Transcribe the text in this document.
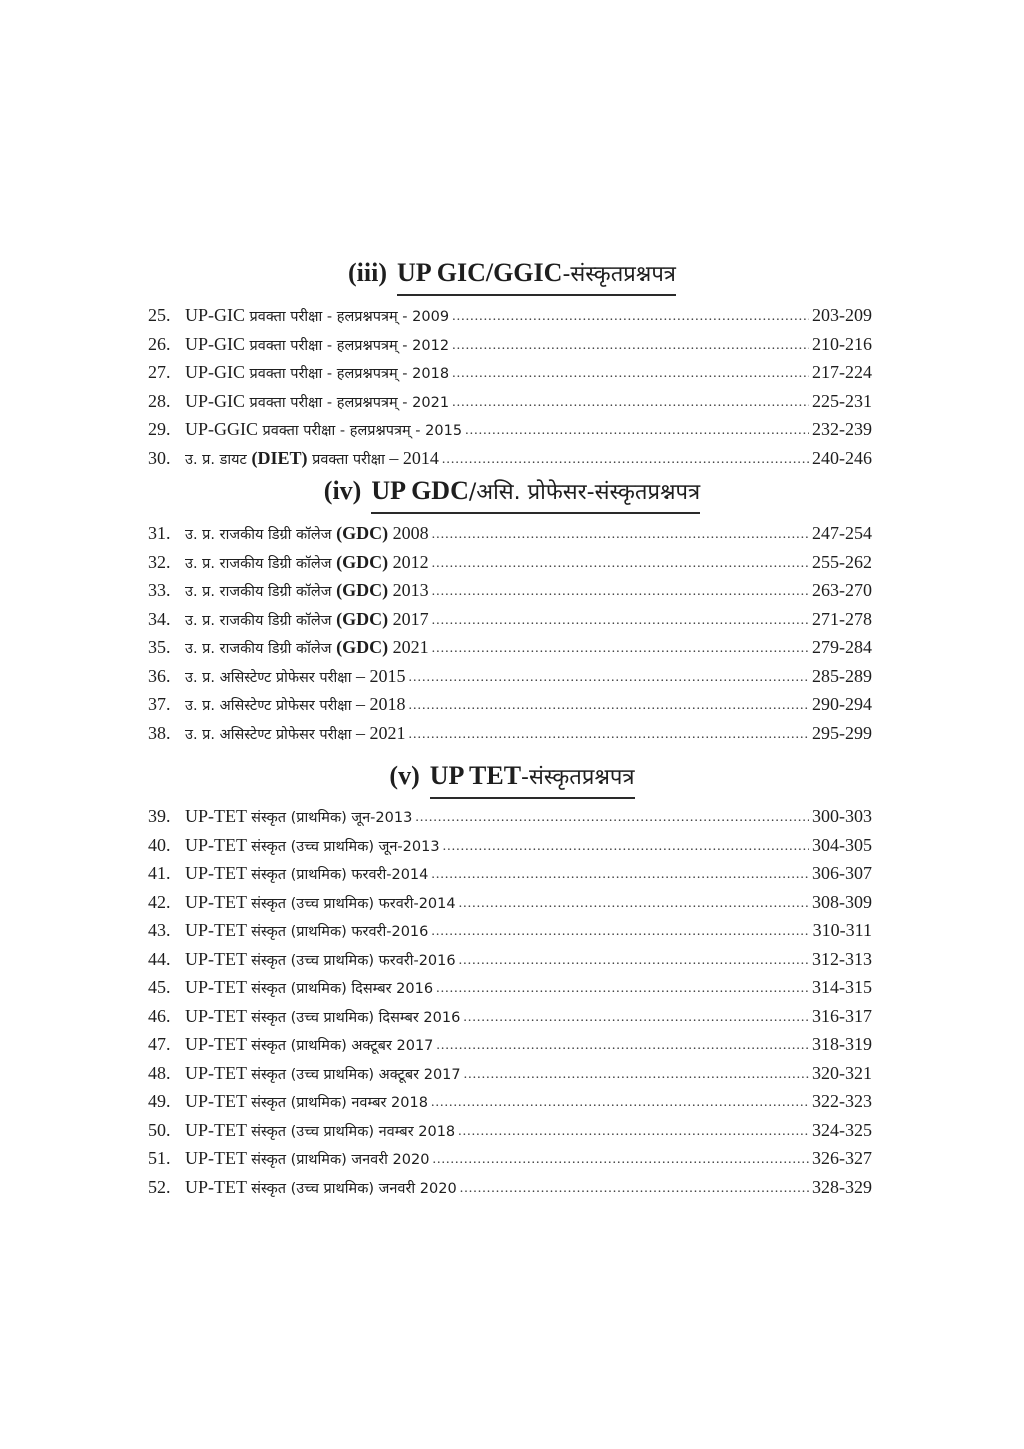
(iii) UP GIC/GGIC-संस्कृतप्रश्नपत्र
(iv) UP GDC/असि. प्रोफेसर-संस्कृतप्रश्नपत्र
(v) UP TET-संस्कृतप्रश्नपत्र
25. UP-GIC प्रवक्ता परीक्षा - हलप्रश्नपत्रम् - 2009 .....	203-209
26. UP-GIC प्रवक्ता परीक्षा - हलप्रश्नपत्रम् - 2012 .....	210-216
27. UP-GIC प्रवक्ता परीक्षा - हलप्रश्नपत्रम् - 2018 .....	217-224
28. UP-GIC प्रवक्ता परीक्षा - हलप्रश्नपत्रम् - 2021 .....	225-231
29. UP-GGIC प्रवक्ता परीक्षा - हलप्रश्नपत्रम् - 2015 .....	232-239
30.	उ. प्र. डायट (DIET) प्रवक्ता परीक्षा – 2014 .....	240-246
31.	उ. प्र. राजकीय डिग्री कॉलेज (GDC) 2008 .....	247-254
32.	उ. प्र. राजकीय डिग्री कॉलेज (GDC) 2012 .....	255-262
33.	उ. प्र. राजकीय डिग्री कॉलेज (GDC) 2013 .....	263-270
34.	उ. प्र. राजकीय डिग्री कॉलेज (GDC) 2017 .....	271-278
35.	उ. प्र. राजकीय डिग्री कॉलेज (GDC) 2021 .....	279-284
36.	उ. प्र. असिस्टेण्ट प्रोफेसर परीक्षा – 2015 .....	285-289
37.	उ. प्र. असिस्टेण्ट प्रोफेसर परीक्षा – 2018 .....	290-294
38.	उ. प्र. असिस्टेण्ट प्रोफेसर परीक्षा – 2021 .....	295-299
39. UP-TET संस्कृत (प्राथमिक) जून-2013 .....	300-303
40. UP-TET संस्कृत (उच्च प्राथमिक) जून-2013 .....	304-305
41. UP-TET संस्कृत (प्राथमिक) फरवरी-2014 .....	306-307
42. UP-TET संस्कृत (उच्च प्राथमिक) फरवरी-2014 .....	308-309
43. UP-TET संस्कृत (प्राथमिक) फरवरी-2016 .....	310-311
44. UP-TET संस्कृत (उच्च प्राथमिक) फरवरी-2016 .....	312-313
45. UP-TET संस्कृत (प्राथमिक) दिसम्बर 2016 .....	314-315
46. UP-TET संस्कृत (उच्च प्राथमिक) दिसम्बर 2016 .....	316-317
47. UP-TET संस्कृत (प्राथमिक) अक्टूबर 2017 .....	318-319
48. UP-TET संस्कृत (उच्च प्राथमिक) अक्टूबर 2017 .....	320-321
49. UP-TET संस्कृत (प्राथमिक) नवम्बर 2018 .....	322-323
50. UP-TET संस्कृत (उच्च प्राथमिक) नवम्बर 2018 .....	324-325
51. UP-TET संस्कृत (प्राथमिक) जनवरी 2020 .....	326-327
52. UP-TET संस्कृत (उच्च प्राथमिक) जनवरी 2020 .....	328-329
